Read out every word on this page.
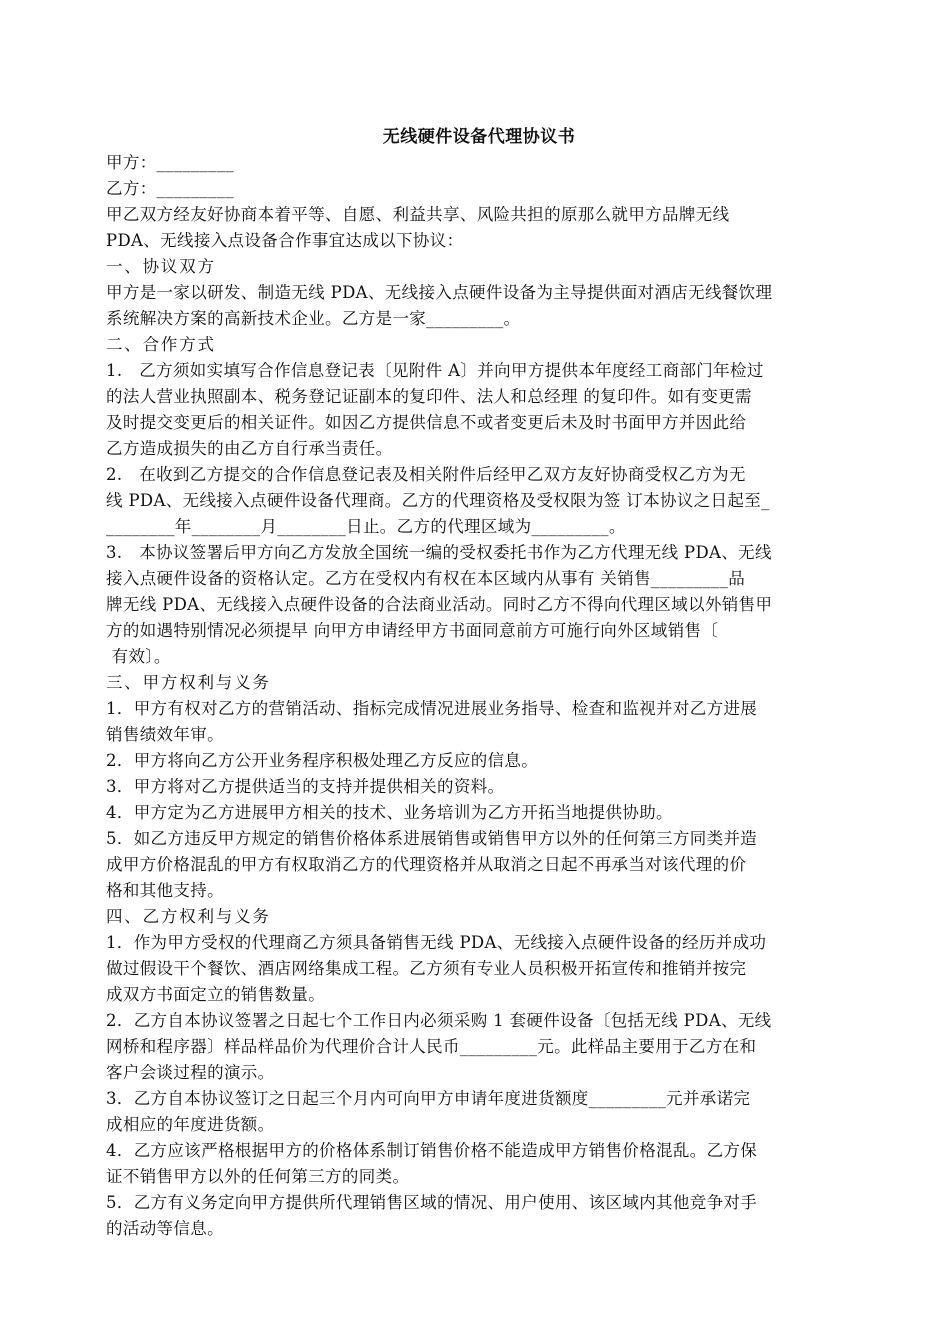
无线硬件设备代理协议书
甲方：_________
乙方：_________
甲乙双方经友好协商本着平等、自愿、利益共享、风险共担的原那么就甲方品牌无线
PDA、无线接入点设备合作事宜达成以下协议：
一、协议双方
甲方是一家以研发、制造无线 PDA、无线接入点硬件设备为主导提供面对酒店无线餐饮理
系统解决方案的高新技术企业。乙方是一家_________。
二、合作方式
1.   乙方须如实填写合作信息登记表〔见附件 A〕并向甲方提供本年度经工商部门年检过
的法人营业执照副本、税务登记证副本的复印件、法人和总经理 的复印件。如有变更需
及时提交变更后的相关证件。如因乙方提供信息不或者变更后未及时书面甲方并因此给
乙方造成损失的由乙方自行承当责任。
2.   在收到乙方提交的合作信息登记表及相关附件后经甲乙双方友好协商受权乙方为无
线 PDA、无线接入点硬件设备代理商。乙方的代理资格及受权限为签 订本协议之日起至_
________年________月________日止。乙方的代理区域为_________。
3.   本协议签署后甲方向乙方发放全国统一编的受权委托书作为乙方代理无线 PDA、无线
接入点硬件设备的资格认定。乙方在受权内有权在本区域内从事有 关销售_________品
牌无线 PDA、无线接入点硬件设备的合法商业活动。同时乙方不得向代理区域以外销售甲
方的如遇特别情况必须提早 向甲方申请经甲方书面同意前方可施行向外区域销售〔
有效〕。
三、甲方权利与义务
1．甲方有权对乙方的营销活动、指标完成情况进展业务指导、检查和监视并对乙方进展
销售绩效年审。
2．甲方将向乙方公开业务程序积极处理乙方反应的信息。
3．甲方将对乙方提供适当的支持并提供相关的资料。
4．甲方定为乙方进展甲方相关的技术、业务培训为乙方开拓当地提供协助。
5．如乙方违反甲方规定的销售价格体系进展销售或销售甲方以外的任何第三方同类并造
成甲方价格混乱的甲方有权取消乙方的代理资格并从取消之日起不再承当对该代理的价
格和其他支持。
四、乙方权利与义务
1．作为甲方受权的代理商乙方须具备销售无线 PDA、无线接入点硬件设备的经历并成功
做过假设干个餐饮、酒店网络集成工程。乙方须有专业人员积极开拓宣传和推销并按完
成双方书面定立的销售数量。
2．乙方自本协议签署之日起七个工作日内必须采购 1 套硬件设备〔包括无线 PDA、无线
网桥和程序器〕样品样品价为代理价合计人民币_________元。此样品主要用于乙方在和
客户会谈过程的演示。
3．乙方自本协议签订之日起三个月内可向甲方申请年度进货额度_________元并承诺完
成相应的年度进货额。
4．乙方应该严格根据甲方的价格体系制订销售价格不能造成甲方销售价格混乱。乙方保
证不销售甲方以外的任何第三方的同类。
5．乙方有义务定向甲方提供所代理销售区域的情况、用户使用、该区域内其他竞争对手
的活动等信息。
